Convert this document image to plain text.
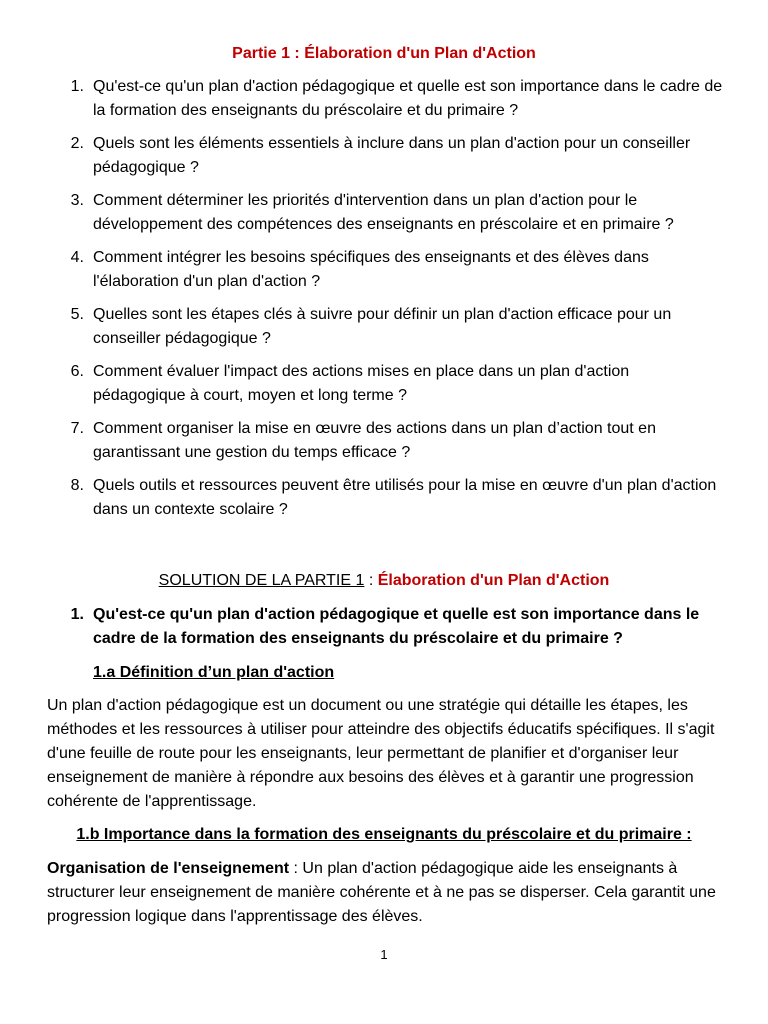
Partie 1 : Élaboration d'un Plan d'Action
1. Qu'est-ce qu'un plan d'action pédagogique et quelle est son importance dans le cadre de la formation des enseignants du préscolaire et du primaire ?
2. Quels sont les éléments essentiels à inclure dans un plan d'action pour un conseiller pédagogique ?
3. Comment déterminer les priorités d'intervention dans un plan d'action pour le développement des compétences des enseignants en préscolaire et en primaire ?
4. Comment intégrer les besoins spécifiques des enseignants et des élèves dans l'élaboration d'un plan d'action ?
5. Quelles sont les étapes clés à suivre pour définir un plan d'action efficace pour un conseiller pédagogique ?
6. Comment évaluer l'impact des actions mises en place dans un plan d'action pédagogique à court, moyen et long terme ?
7. Comment organiser la mise en œuvre des actions dans un plan d’action tout en garantissant une gestion du temps efficace ?
8. Quels outils et ressources peuvent être utilisés pour la mise en œuvre d'un plan d'action dans un contexte scolaire ?
SOLUTION DE LA PARTIE 1 : Élaboration d'un Plan d'Action
1. Qu'est-ce qu'un plan d'action pédagogique et quelle est son importance dans le cadre de la formation des enseignants du préscolaire et du primaire ?
1.a Définition d’un plan d'action

Un plan d'action pédagogique est un document ou une stratégie qui détaille les étapes, les méthodes et les ressources à utiliser pour atteindre des objectifs éducatifs spécifiques. Il s'agit d'une feuille de route pour les enseignants, leur permettant de planifier et d'organiser leur enseignement de manière à répondre aux besoins des élèves et à garantir une progression cohérente de l'apprentissage.

1.b Importance dans la formation des enseignants du préscolaire et du primaire :

Organisation de l'enseignement : Un plan d'action pédagogique aide les enseignants à structurer leur enseignement de manière cohérente et à ne pas se disperser. Cela garantit une progression logique dans l'apprentissage des élèves.

1
